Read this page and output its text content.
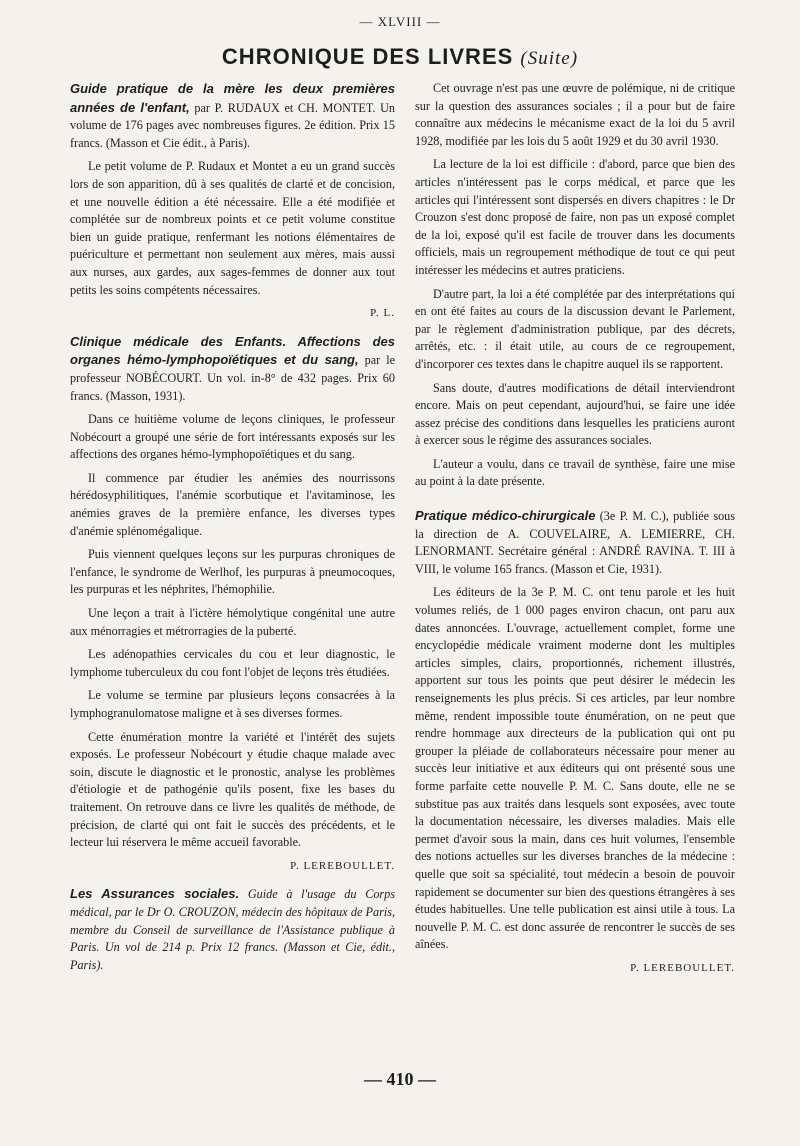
— XLVIII —
CHRONIQUE DES LIVRES (Suite)
Guide pratique de la mère les deux premières années de l'enfant, par P. RUDAUX et CH. MONTET. Un volume de 176 pages avec nombreuses figures. 2e édition. Prix 15 francs. (Masson et Cie édit., à Paris).

Le petit volume de P. Rudaux et Montet a eu un grand succès lors de son apparition, dû à ses qualités de clarté et de concision, et une nouvelle édition a été nécessaire. Elle a été modifiée et complétée sur de nombreux points et ce petit volume constitue bien un guide pratique, renfermant les notions élémentaires de puériculture et permettant non seulement aux mères, mais aussi aux nurses, aux gardes, aux sages-femmes de donner aux tout petits les soins compétents nécessaires.

P. L.
Clinique médicale des Enfants. Affections des organes hémo-lymphopoïétiques et du sang, par le professeur NOBÉCOURT. Un vol. in-8° de 432 pages. Prix 60 francs. (Masson, 1931).

Dans ce huitième volume de leçons cliniques, le professeur Nobécourt a groupé une série de fort intéressants exposés sur les affections des organes hémo-lymphopoïétiques et du sang.

Il commence par étudier les anémies des nourrissons hérédosyphilitiques, l'anémie scorbutique et l'avitaminose, les anémies graves de la première enfance, les diverses types d'anémie splénomégalique.

Puis viennent quelques leçons sur les purpuras chroniques de l'enfance, le syndrome de Werlhof, les purpuras à pneumocoques, les purpuras et les néphrites, l'hémophilie.

Une leçon a trait à l'ictère hémolytique congénital une autre aux ménorragies et métrorragies de la puberté.

Les adénopathies cervicales du cou et leur diagnostic, le lymphome tuberculeux du cou font l'objet de leçons très étudiées.

Le volume se termine par plusieurs leçons consacrées à la lymphogranulomatose maligne et à ses diverses formes.

Cette énumération montre la variété et l'intérêt des sujets exposés. Le professeur Nobécourt y étudie chaque malade avec soin, discute le diagnostic et le pronostic, analyse les problèmes d'étiologie et de pathogénie qu'ils posent, fixe les bases du traitement. On retrouve dans ce livre les qualités de méthode, de précision, de clarté qui ont fait le succès des précédents, et le lecteur lui réservera le même accueil favorable.

P. LEREBOULLET.
Les Assurances sociales. Guide à l'usage du Corps médical, par le Dr O. CROUZON, médecin des hôpitaux de Paris, membre du Conseil de surveillance de l'Assistance publique à Paris. Un vol de 214 p. Prix 12 francs. (Masson et Cie, édit., Paris).

Cet ouvrage n'est pas une œuvre de polémique, ni de critique sur la question des assurances sociales ; il a pour but de faire connaître aux médecins le mécanisme exact de la loi du 5 avril 1928, modifiée par les lois du 5 août 1929 et du 30 avril 1930.

La lecture de la loi est difficile : d'abord, parce que bien des articles n'intéressent pas le corps médical, et parce que les articles qui l'intéressent sont dispersés en divers chapitres : le Dr Crouzon s'est donc proposé de faire, non pas un exposé complet de la loi, exposé qu'il est facile de trouver dans les documents officiels, mais un regroupement méthodique de tout ce qui peut intéresser les médecins et autres praticiens.

D'autre part, la loi a été complétée par des interprétations qui en ont été faites au cours de la discussion devant le Parlement, par le règlement d'administration publique, par des décrets, arrêtés, etc. : il était utile, au cours de ce regroupement, d'incorporer ces textes dans le chapitre auquel ils se rapportent.

Sans doute, d'autres modifications de détail interviendront encore. Mais on peut cependant, aujourd'hui, se faire une idée assez précise des conditions dans lesquelles les praticiens auront à exercer sous le régime des assurances sociales.

L'auteur a voulu, dans ce travail de synthèse, faire une mise au point à la date présente.

Pratique médico-chirurgicale (3e P. M. C.), publiée sous la direction de A. COUVELAIRE, A. LEMIERRE, CH. LENORMANT. Secrétaire général : ANDRÉ RAVINA. T. III à VIII, le volume 165 francs. (Masson et Cie, 1931).

Les éditeurs de la 3e P. M. C. ont tenu parole et les huit volumes reliés, de 1 000 pages environ chacun, ont paru aux dates annoncées. L'ouvrage, actuellement complet, forme une encyclopédie médicale vraiment moderne dont les multiples articles simples, clairs, proportionnés, richement illustrés, apportent sur tous les points que peut désirer le médecin les renseignements les plus précis. Si ces articles, par leur nombre même, rendent impossible toute énumération, on ne peut que rendre hommage aux directeurs de la publication qui ont pu grouper la pléiade de collaborateurs nécessaire pour mener au succès leur initiative et aux éditeurs qui ont présenté sous une forme parfaite cette nouvelle P. M. C. Sans doute, elle ne se substitue pas aux traités dans lesquels sont exposées, avec toute la documentation nécessaire, les diverses maladies. Mais elle permet d'avoir sous la main, dans ces huit volumes, l'ensemble des notions actuelles sur les diverses branches de la médecine : quelle que soit sa spécialité, tout médecin a besoin de pouvoir rapidement se documenter sur bien des questions étrangères à ses études habituelles. Une telle publication est ainsi utile à tous. La nouvelle P. M. C. est donc assurée de rencontrer le succès de ses aînées.

P. LEREBOULLET.
— 410 —
